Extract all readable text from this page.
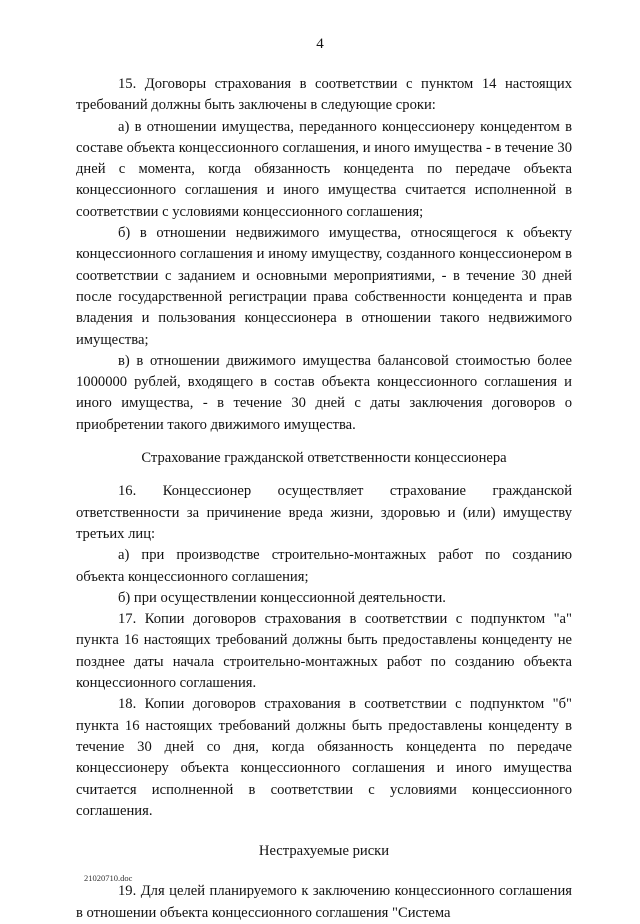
4

15. Договоры страхования в соответствии с пунктом 14 настоящих требований должны быть заключены в следующие сроки:

а) в отношении имущества, переданного концессионеру концедентом в составе объекта концессионного соглашения, и иного имущества - в течение 30 дней с момента, когда обязанность концедента по передаче объекта концессионного соглашения и иного имущества считается исполненной в соответствии с условиями концессионного соглашения;

б) в отношении недвижимого имущества, относящегося к объекту концессионного соглашения и иному имуществу, созданного концессионером в соответствии с заданием и основными мероприятиями, - в течение 30 дней после государственной регистрации права собственности концедента и прав владения и пользования концессионера в отношении такого недвижимого имущества;

в) в отношении движимого имущества балансовой стоимостью более 1000000 рублей, входящего в состав объекта концессионного соглашения и иного имущества, - в течение 30 дней с даты заключения договоров о приобретении такого движимого имущества.

Страхование гражданской ответственности концессионера

16. Концессионер осуществляет страхование гражданской ответственности за причинение вреда жизни, здоровью и (или) имуществу третьих лиц:

а) при производстве строительно-монтажных работ по созданию объекта концессионного соглашения;

б) при осуществлении концессионной деятельности.

17. Копии договоров страхования в соответствии с подпунктом "а" пункта 16 настоящих требований должны быть предоставлены концеденту не позднее даты начала строительно-монтажных работ по созданию объекта концессионного соглашения.

18. Копии договоров страхования в соответствии с подпунктом "б" пункта 16 настоящих требований должны быть предоставлены концеденту в течение 30 дней со дня, когда обязанность концедента по передаче концессионеру объекта концессионного соглашения и иного имущества считается исполненной в соответствии с условиями концессионного соглашения.

Нестрахуемые риски

19. Для целей планируемого к заключению концессионного соглашения в отношении объекта концессионного соглашения "Система

21020710.doc
